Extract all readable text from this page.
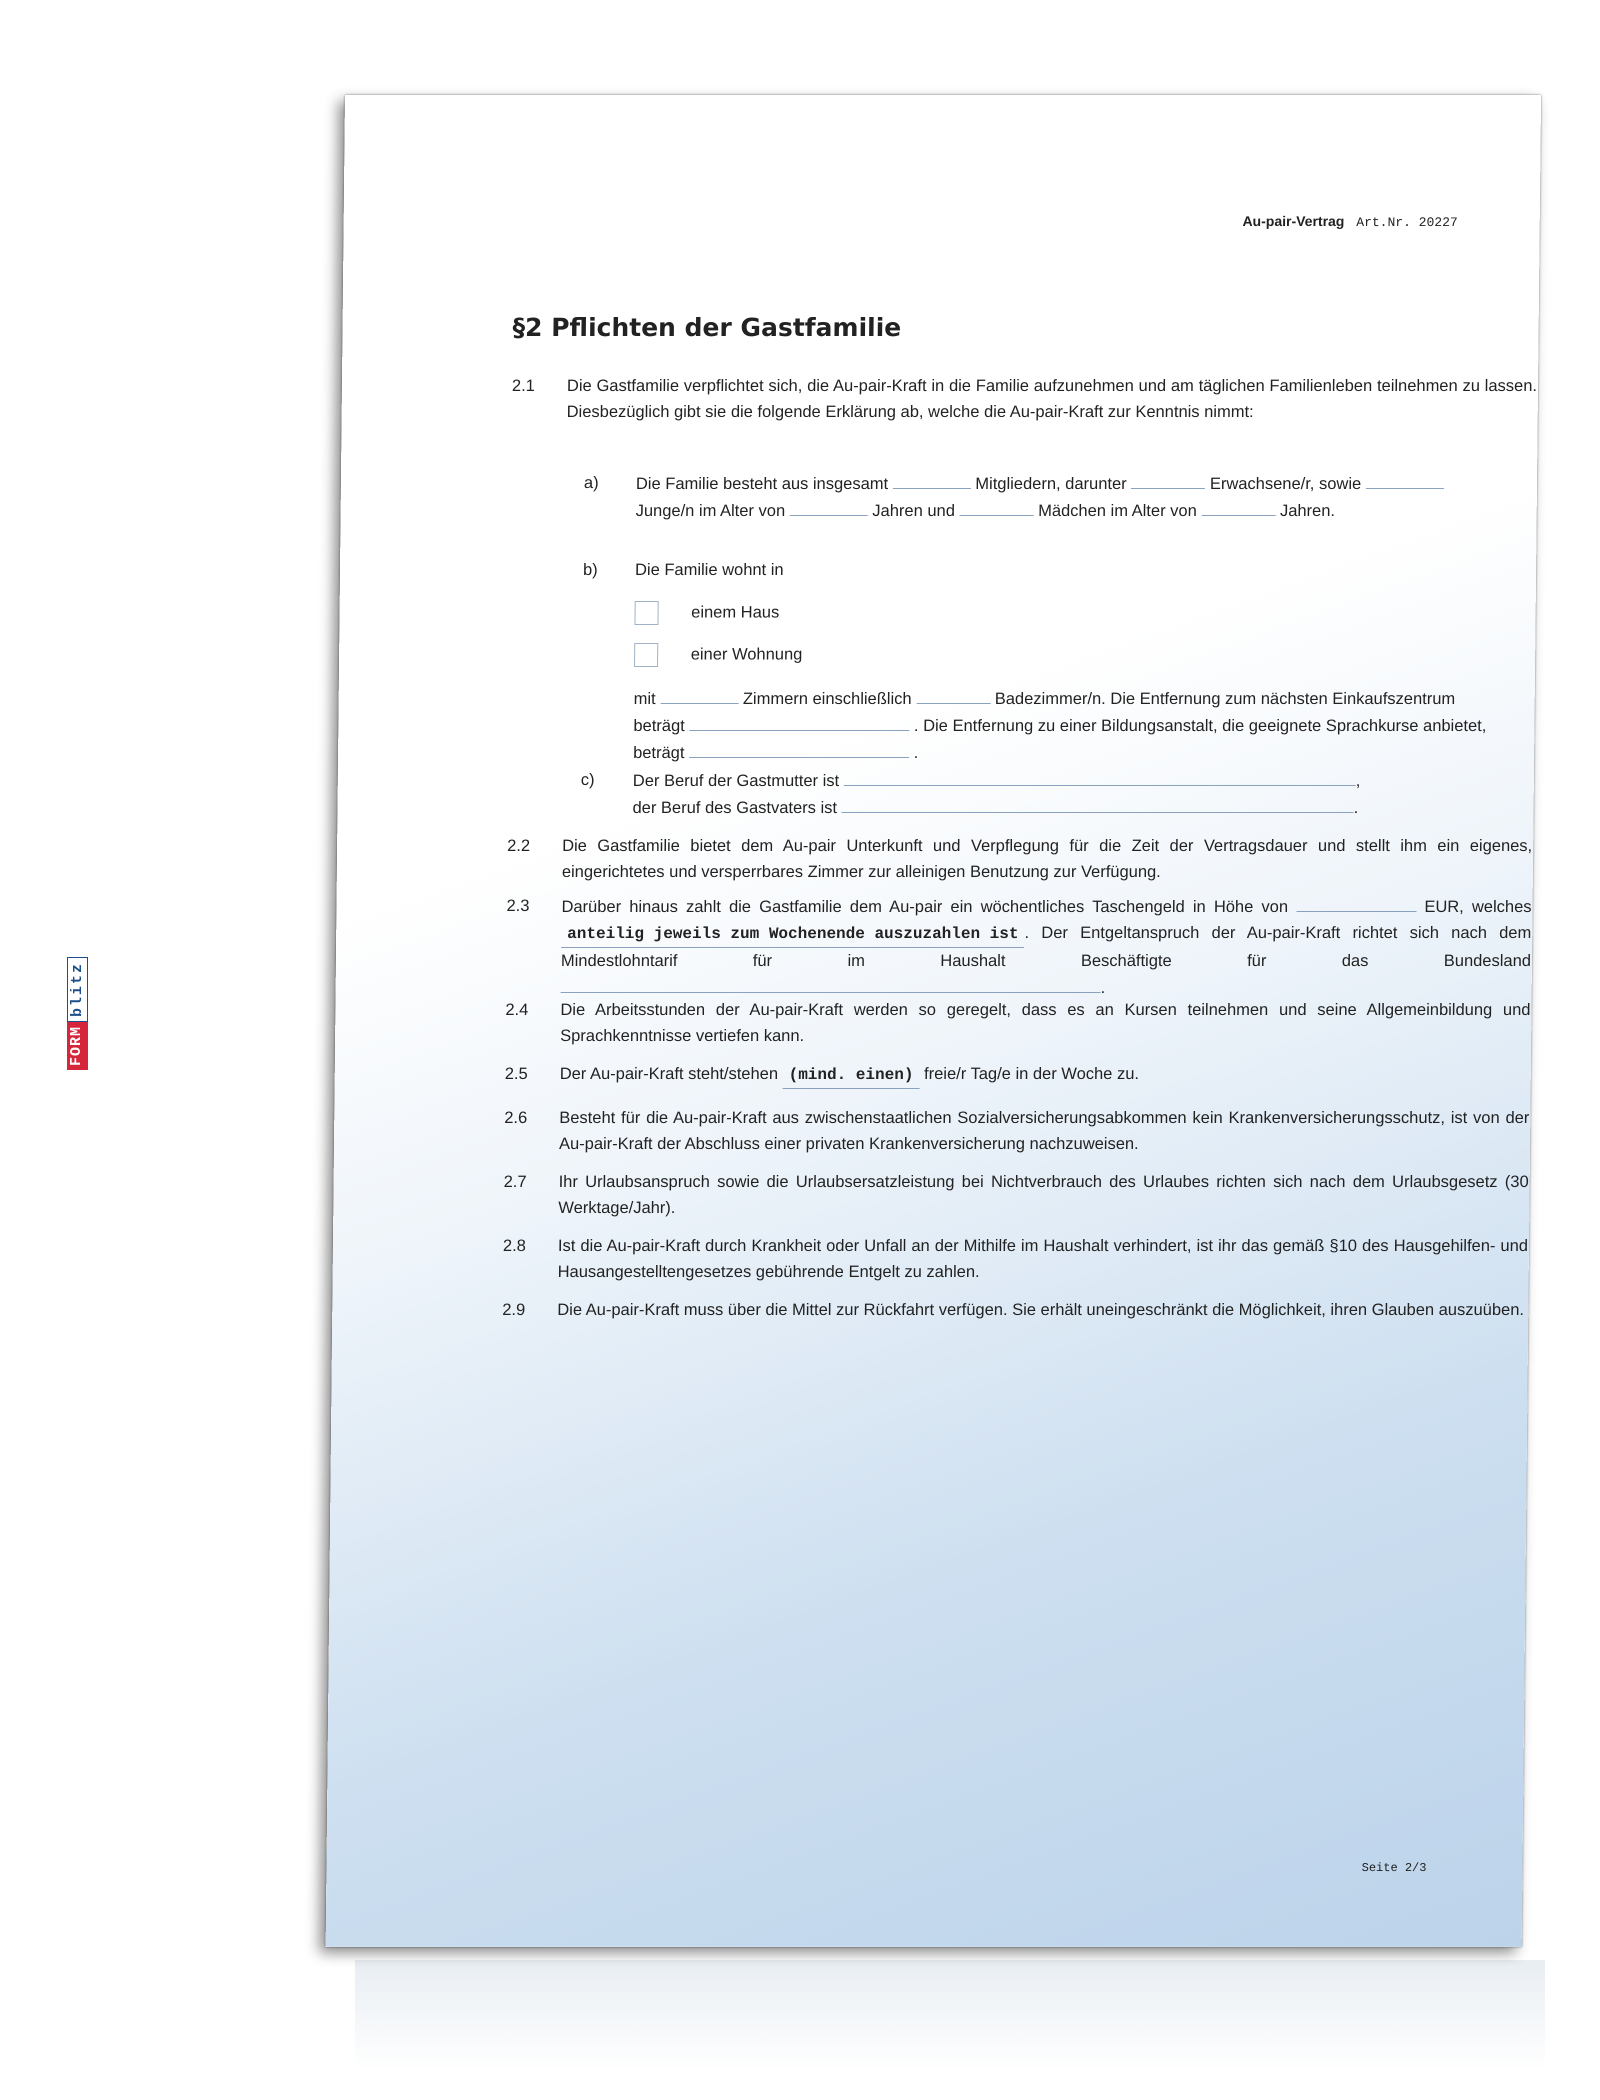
FORM
blitz
Au-pair-Vertrag Art.Nr. 20227
§2 Pflichten der Gastfamilie
2.1	Die Gastfamilie verpflichtet sich, die Au-pair-Kraft in die Familie aufzunehmen und am täglichen Familienleben teilnehmen zu lassen. Diesbezüglich gibt sie die folgende Erklärung ab, welche die Au-pair-Kraft zur Kenntnis nimmt:
a) Die Familie besteht aus insgesamt	Mitgliedern, darunter	Erwachsene/r, sowie  Junge/n im Alter von	Jahren und	Mädchen im Alter von	Jahren.
b) Die Familie wohnt in
einem Haus
einer Wohnung
mit	Zimmern einschließlich	Badezimmer/n. Die Entfernung zum nächsten Einkaufszentrum beträgt	. Die Entfernung zu einer Bildungsanstalt, die geeignete Sprachkurse anbietet, beträgt	.
c) Der Beruf der Gastmutter ist	,
der Beruf des Gastvaters ist	.
2.2	Die Gastfamilie bietet dem Au-pair Unterkunft und Verpflegung für die Zeit der Vertragsdauer und stellt ihm ein eigenes, eingerichtetes und versperrbares Zimmer zur alleinigen Benutzung zur Verfügung.
2.3	Darüber hinaus zahlt die Gastfamilie dem Au-pair ein wöchentliches Taschengeld in Höhe von	EUR, welches anteilig jeweils zum Wochenende auszuzahlen ist . Der Entgeltanspruch der Au-pair-Kraft richtet sich nach dem Mindestlohntarif für im Haushalt Beschäftigte für das Bundesland .
2.4	Die Arbeitsstunden der Au-pair-Kraft werden so geregelt, dass es an Kursen teilnehmen und seine Allgemeinbildung und Sprachkenntnisse vertiefen kann.
2.5	Der Au-pair-Kraft steht/stehen (mind. einen) freie/r Tag/e in der Woche zu.
2.6	Besteht für die Au-pair-Kraft aus zwischenstaatlichen Sozialversicherungsabkommen kein Krankenversicherungsschutz, ist von der Au-pair-Kraft der Abschluss einer privaten Krankenversicherung nachzuweisen.
2.7	Ihr Urlaubsanspruch sowie die Urlaubsersatzleistung bei Nichtverbrauch des Urlaubes richten sich nach dem Urlaubsgesetz (30 Werktage/Jahr).
2.8	Ist die Au-pair-Kraft durch Krankheit oder Unfall an der Mithilfe im Haushalt verhindert, ist ihr das gemäß §10 des Hausgehilfen- und Hausangestelltengesetzes gebührende Entgelt zu zahlen.
2.9	Die Au-pair-Kraft muss über die Mittel zur Rückfahrt verfügen. Sie erhält uneingeschränkt die Möglichkeit, ihren Glauben auszuüben.
Seite 2/3
